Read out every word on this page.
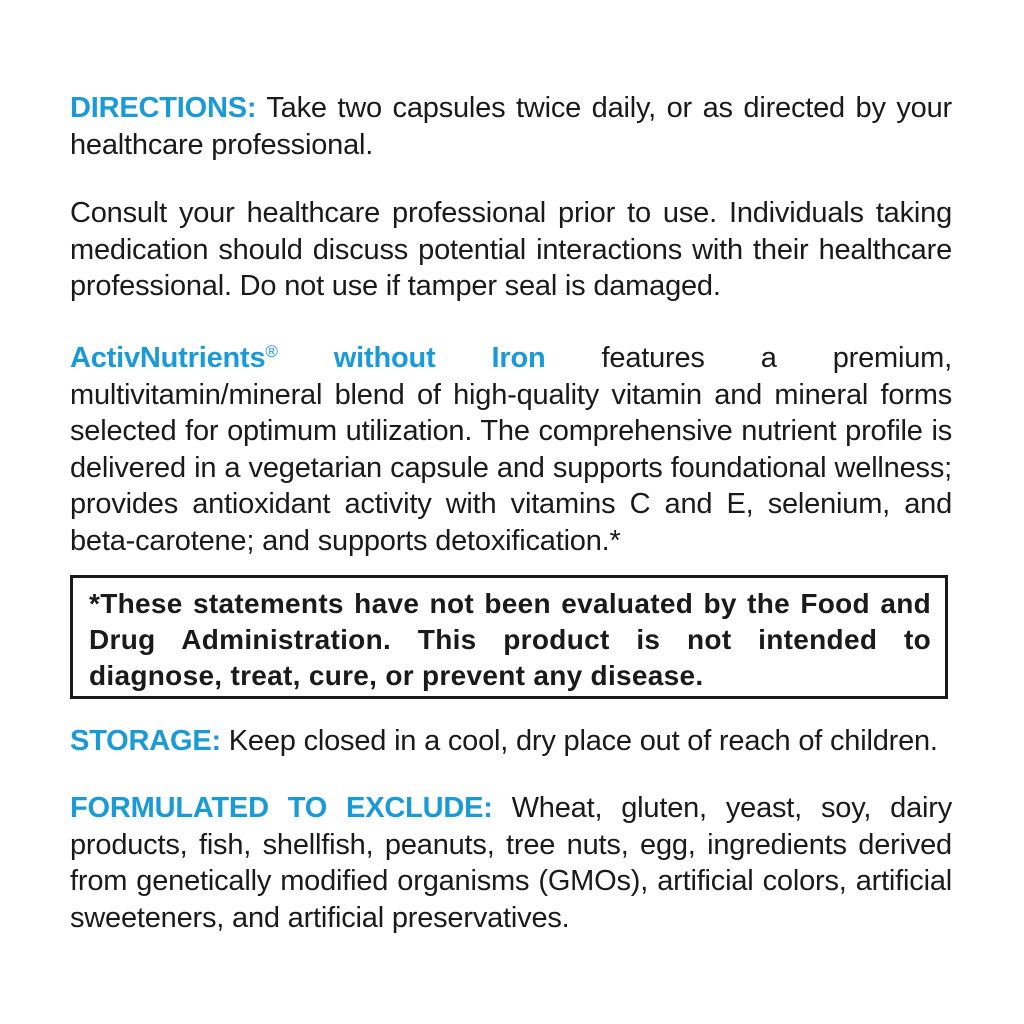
DIRECTIONS: Take two capsules twice daily, or as directed by your healthcare professional.

Consult your healthcare professional prior to use. Individuals taking medication should discuss potential interactions with their healthcare professional. Do not use if tamper seal is damaged.

ActivNutrients® without Iron features a premium, multivitamin/mineral blend of high-quality vitamin and mineral forms selected for optimum utilization. The comprehensive nutrient profile is delivered in a vegetarian capsule and supports foundational wellness; provides antioxidant activity with vitamins C and E, selenium, and beta-carotene; and supports detoxification.*

*These statements have not been evaluated by the Food and Drug Administration. This product is not intended to diagnose, treat, cure, or prevent any disease.

STORAGE: Keep closed in a cool, dry place out of reach of children.

FORMULATED TO EXCLUDE: Wheat, gluten, yeast, soy, dairy products, fish, shellfish, peanuts, tree nuts, egg, ingredients derived from genetically modified organisms (GMOs), artificial colors, artificial sweeteners, and artificial preservatives.
